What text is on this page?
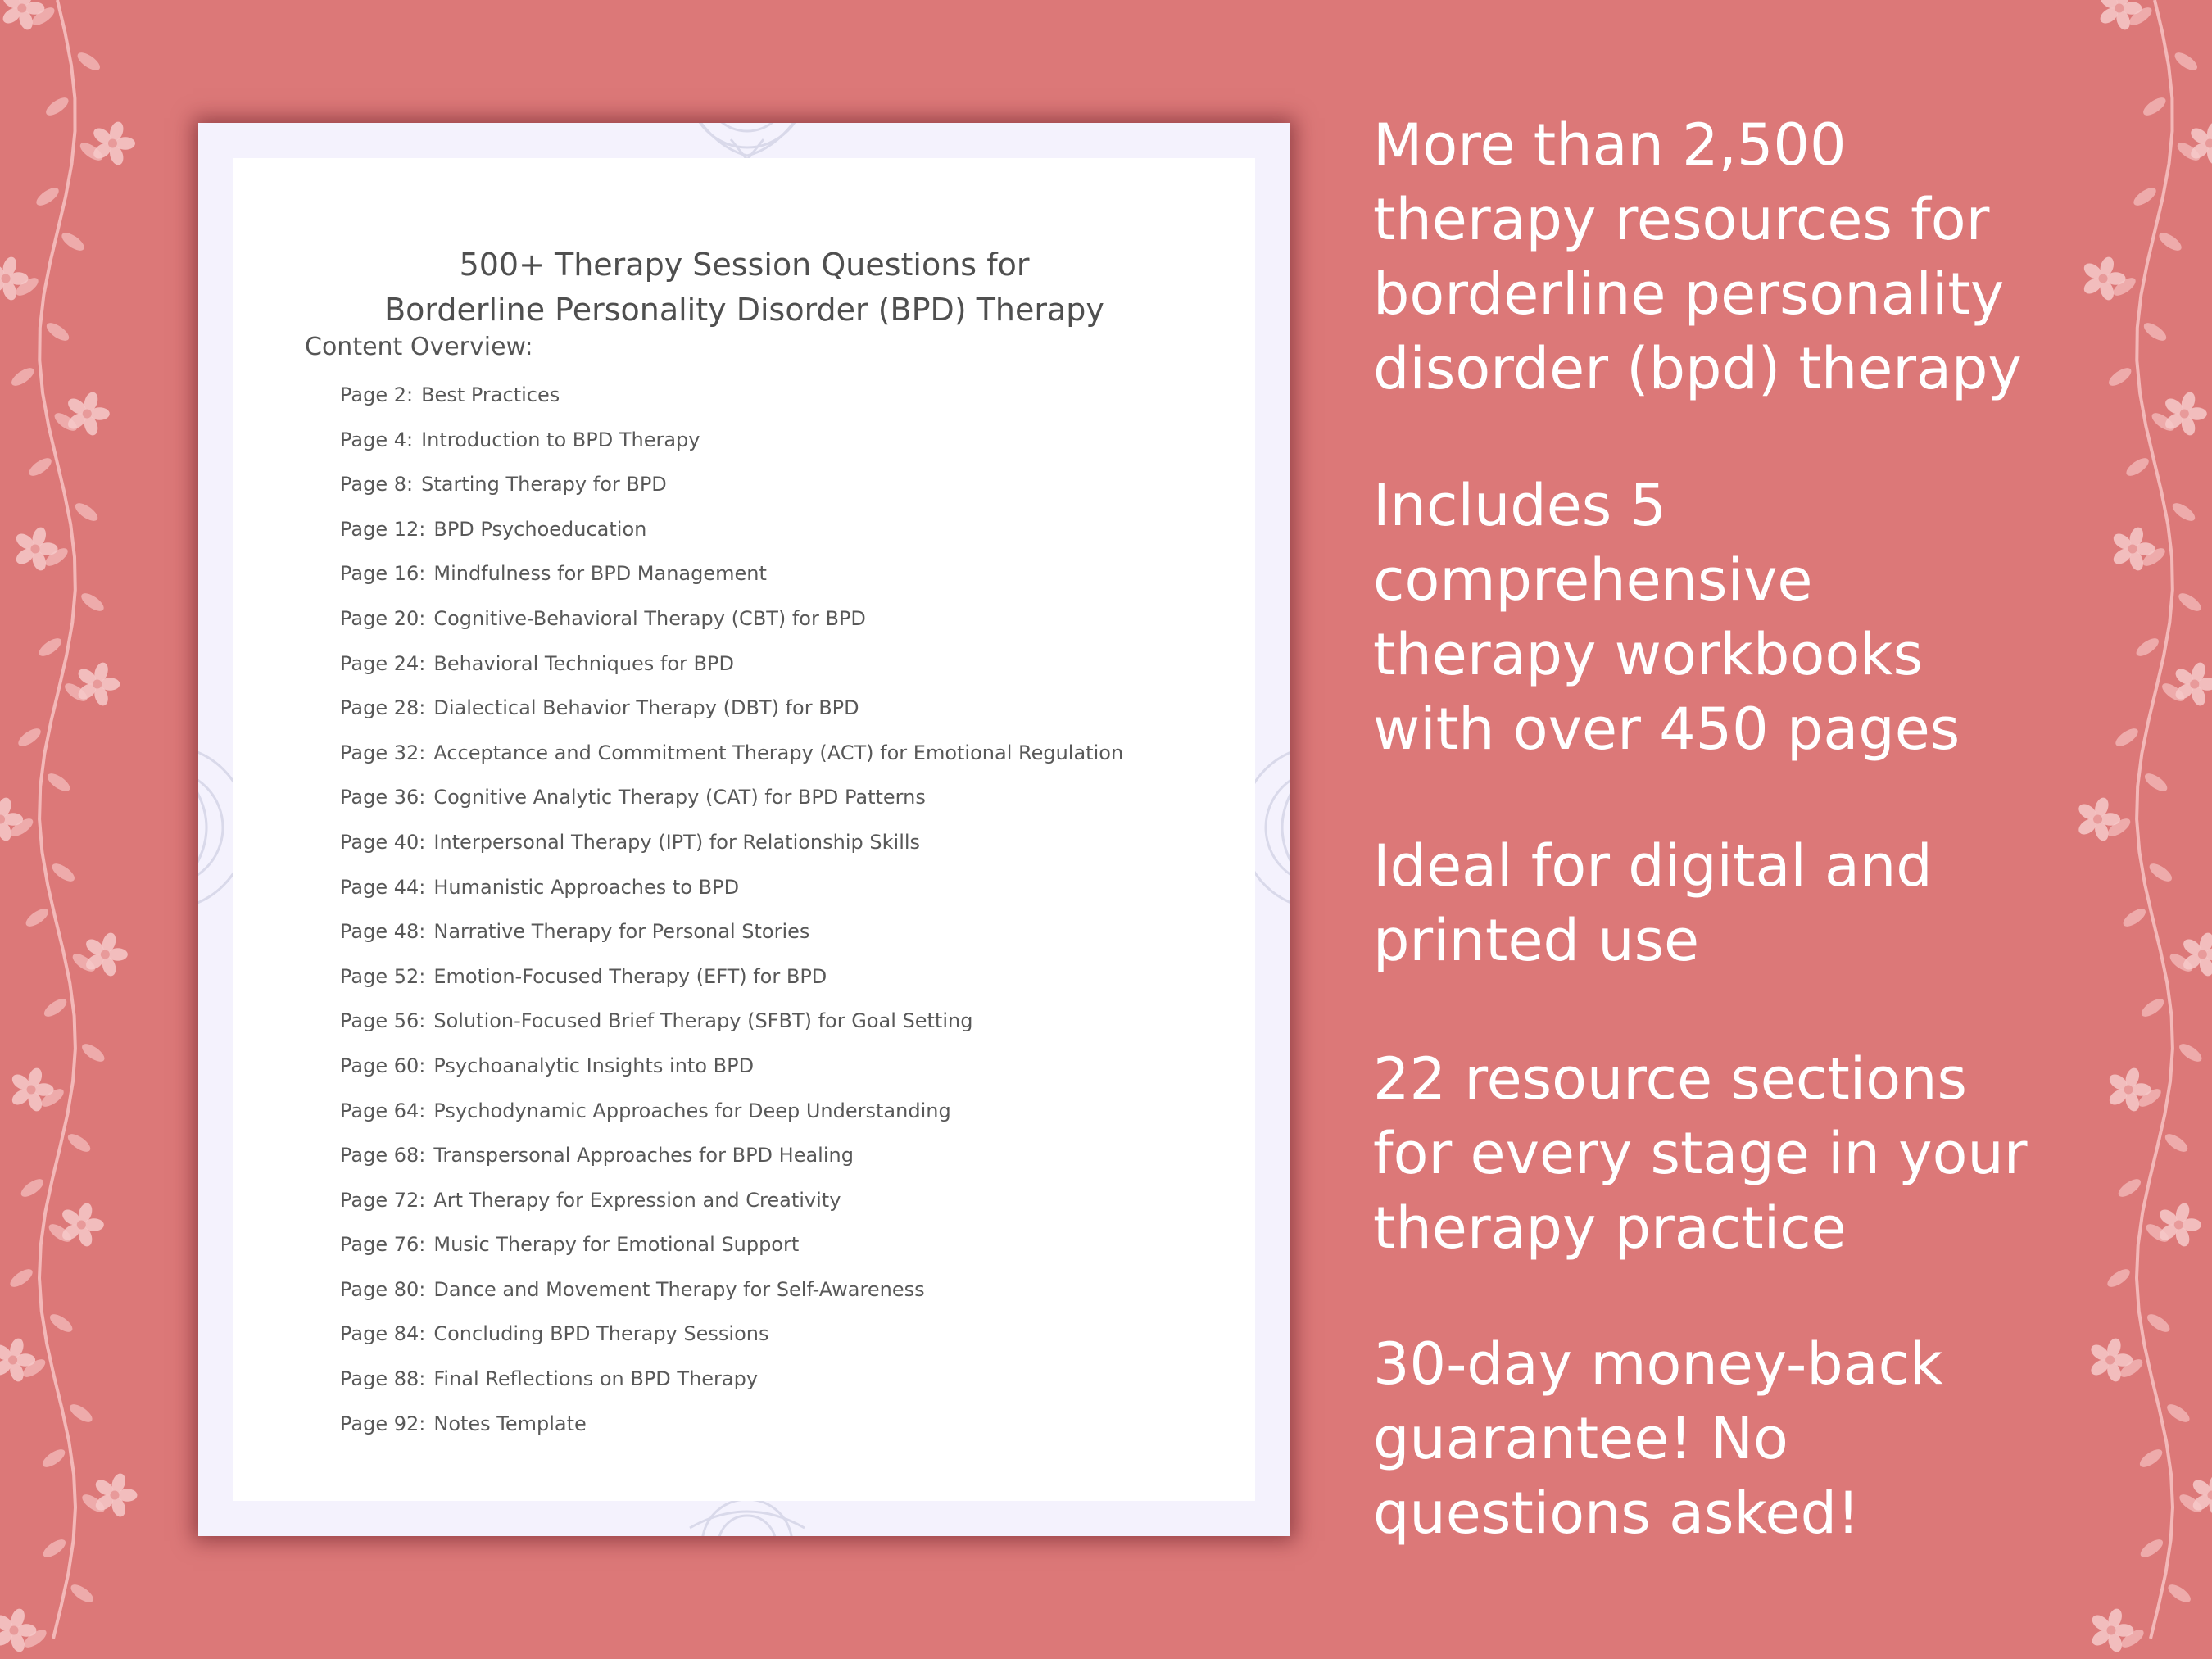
500+ Therapy Session Questions for
Borderline Personality Disorder (BPD) Therapy
Content Overview:
Page 2: Best Practices
Page 4: Introduction to BPD Therapy
Page 8: Starting Therapy for BPD
Page 12: BPD Psychoeducation
Page 16: Mindfulness for BPD Management
Page 20: Cognitive-Behavioral Therapy (CBT) for BPD
Page 24: Behavioral Techniques for BPD
Page 28: Dialectical Behavior Therapy (DBT) for BPD
Page 32: Acceptance and Commitment Therapy (ACT) for Emotional Regulation
Page 36: Cognitive Analytic Therapy (CAT) for BPD Patterns
Page 40: Interpersonal Therapy (IPT) for Relationship Skills
Page 44: Humanistic Approaches to BPD
Page 48: Narrative Therapy for Personal Stories
Page 52: Emotion-Focused Therapy (EFT) for BPD
Page 56: Solution-Focused Brief Therapy (SFBT) for Goal Setting
Page 60: Psychoanalytic Insights into BPD
Page 64: Psychodynamic Approaches for Deep Understanding
Page 68: Transpersonal Approaches for BPD Healing
Page 72: Art Therapy for Expression and Creativity
Page 76: Music Therapy for Emotional Support
Page 80: Dance and Movement Therapy for Self-Awareness
Page 84: Concluding BPD Therapy Sessions
Page 88: Final Reflections on BPD Therapy
Page 92: Notes Template
More than 2,500
therapy resources for
borderline personality
disorder (bpd) therapy
Includes 5
comprehensive
therapy workbooks
with over 450 pages
Ideal for digital and
printed use
22 resource sections
for every stage in your
therapy practice
30-day money-back
guarantee! No
questions asked!
